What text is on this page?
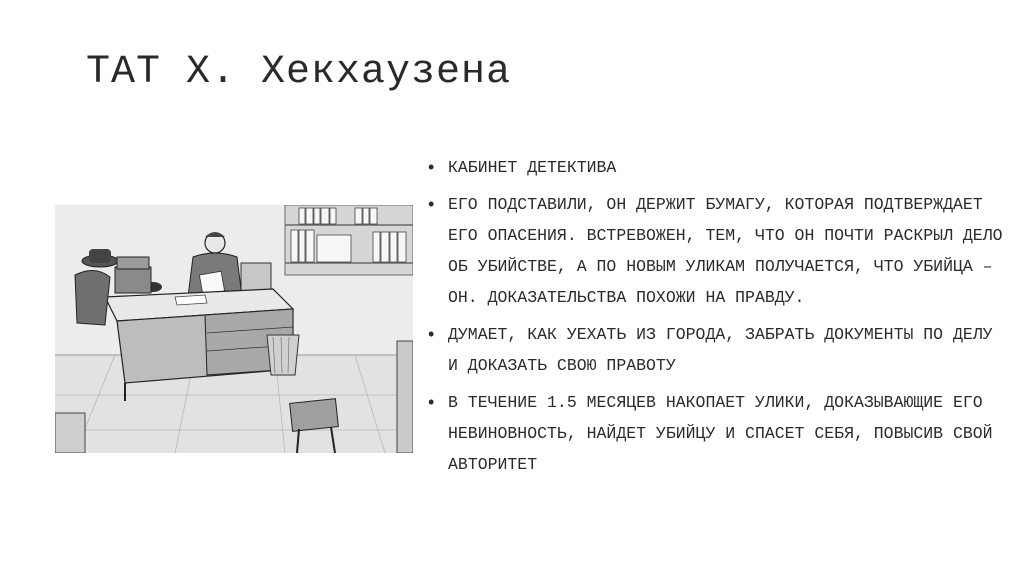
ТАТ Х. Хекхаузена
• КАБИНЕТ ДЕТЕКТИВА
• ЕГО ПОДСТАВИЛИ, ОН ДЕРЖИТ БУМАГУ, КОТОРАЯ ПОДТВЕРЖДАЕТ ЕГО ОПАСЕНИЯ. ВСТРЕВОЖЕН, ТЕМ, ЧТО ОН ПОЧТИ РАСКРЫЛ ДЕЛО ОБ УБИЙСТВЕ, А ПО НОВЫМ УЛИКАМ ПОЛУЧАЕТСЯ, ЧТО УБИЙЦА – ОН. ДОКАЗАТЕЛЬСТВА ПОХОЖИ НА ПРАВДУ.
• ДУМАЕТ, КАК УЕХАТЬ ИЗ ГОРОДА, ЗАБРАТЬ ДОКУМЕНТЫ ПО ДЕЛУ И ДОКАЗАТЬ СВОЮ ПРАВОТУ
• В ТЕЧЕНИЕ 1.5 МЕСЯЦЕВ НАКОПАЕТ УЛИКИ, ДОКАЗЫВАЮЩИЕ ЕГО НЕВИНОВНОСТЬ, НАЙДЕТ УБИЙЦУ И СПАСЕТ СЕБЯ, ПОВЫСИВ СВОЙ АВТОРИТЕТ
